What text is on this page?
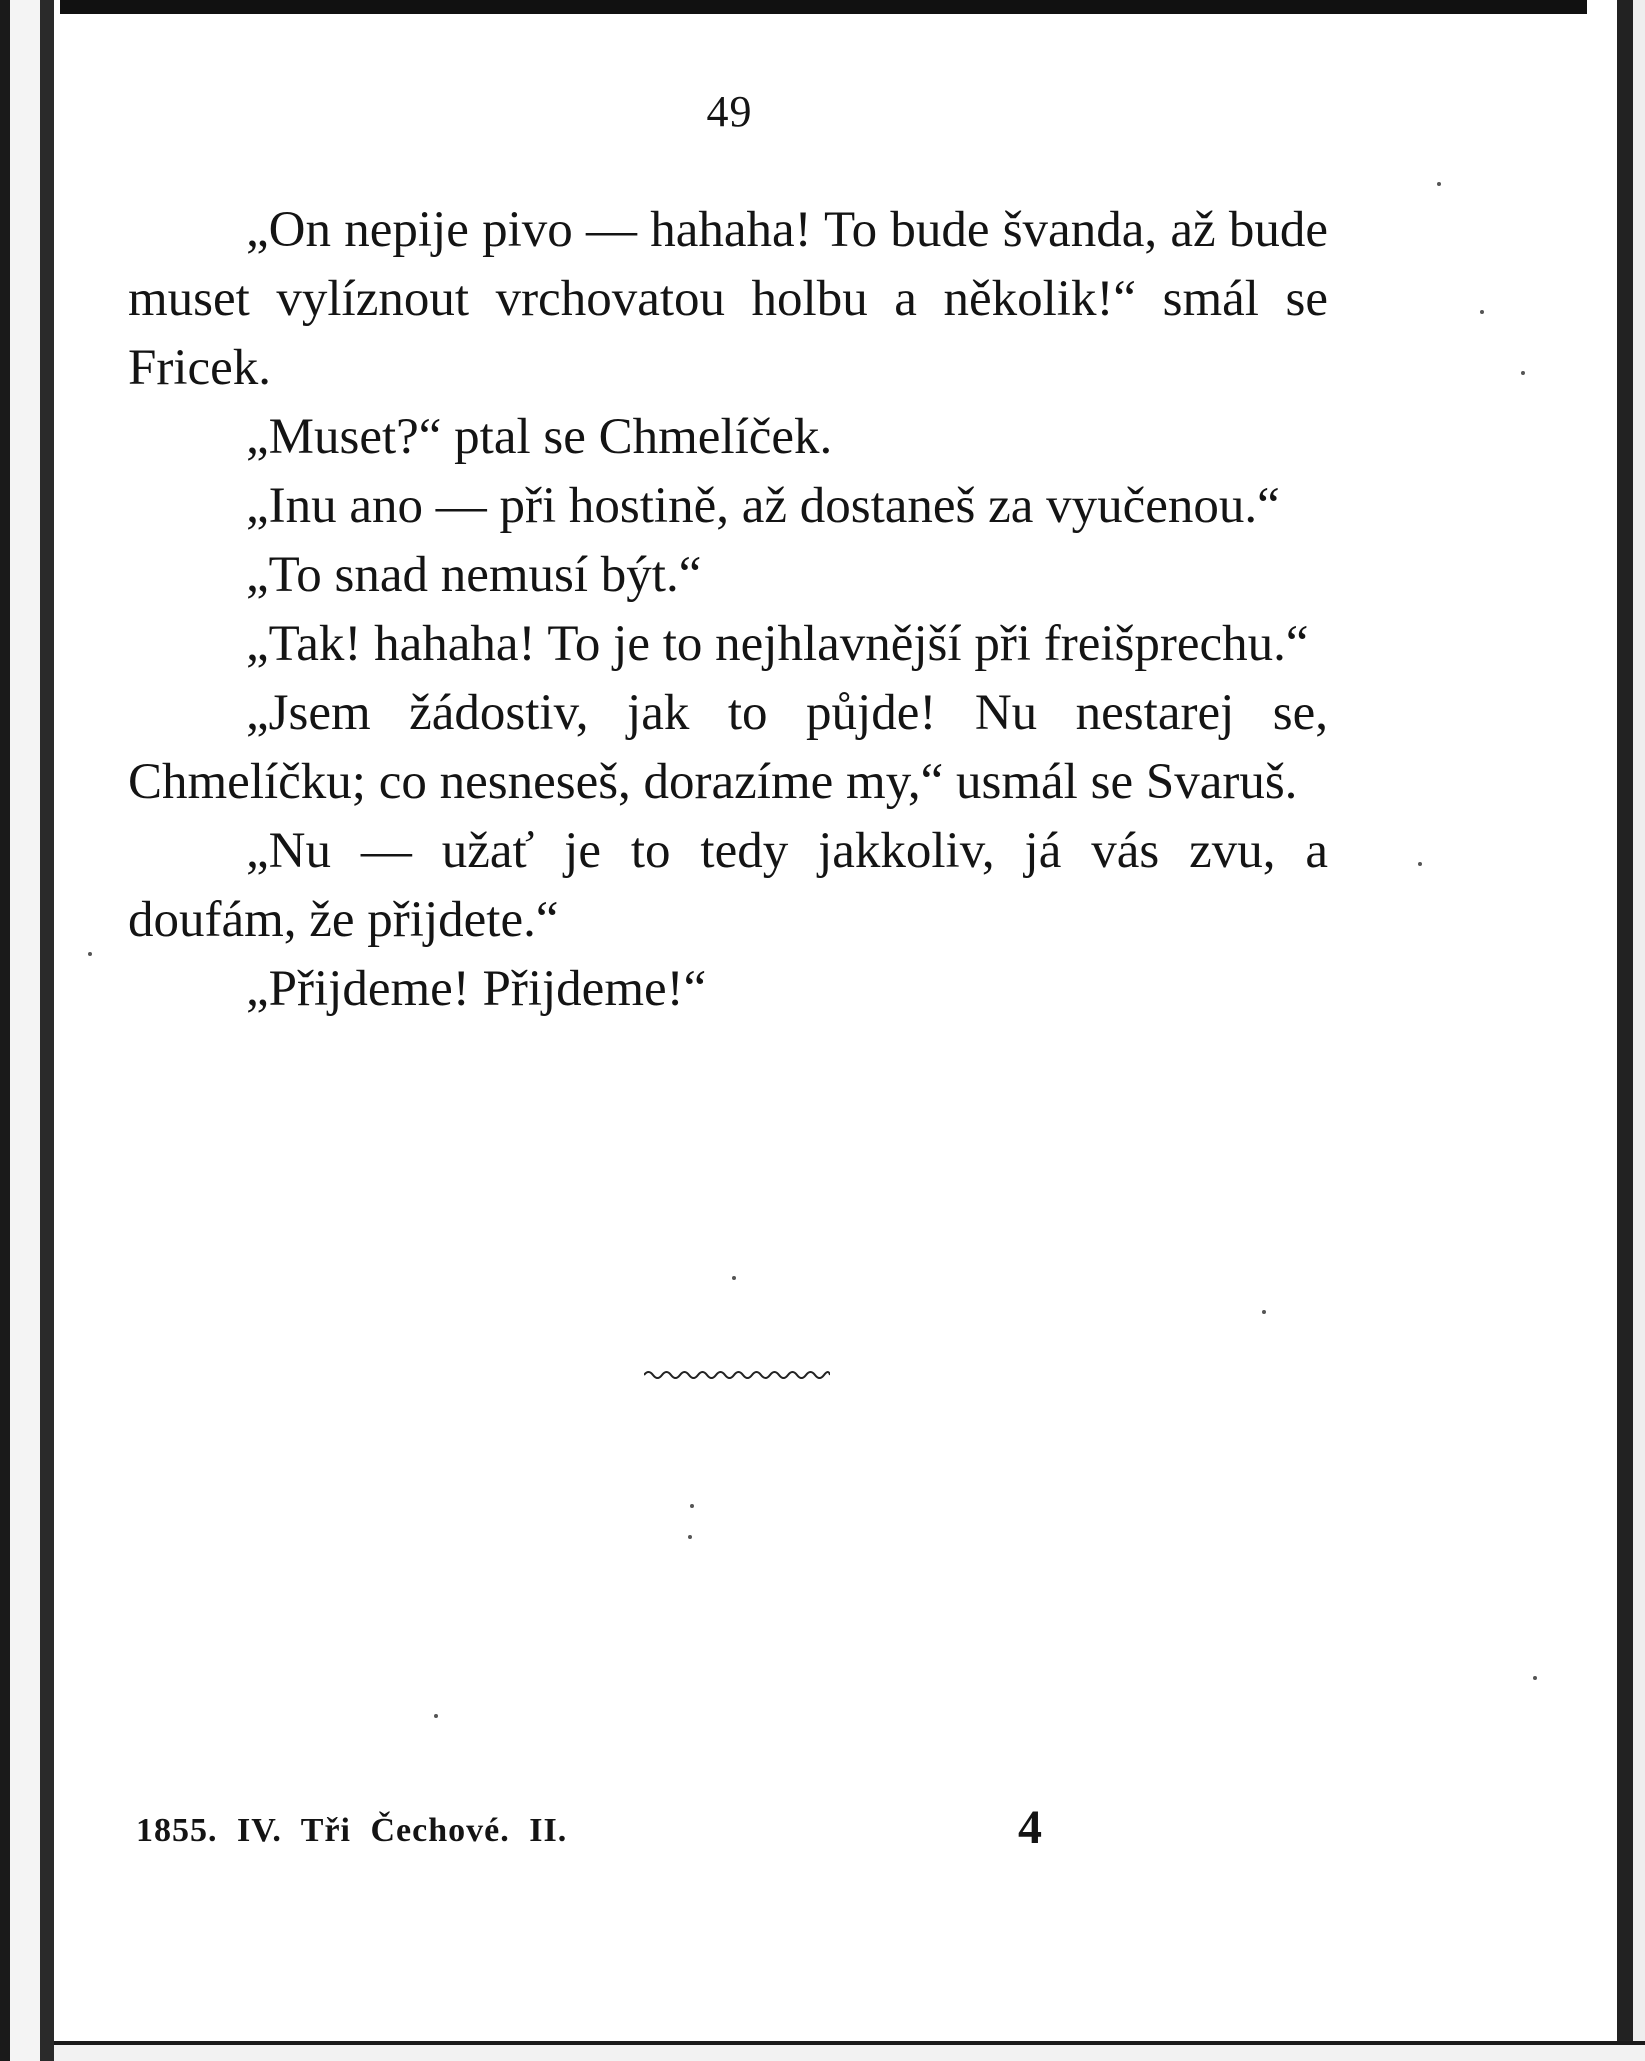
49

„On nepije pivo — hahaha! To bude švanda, až bude muset vylíznout vrchovatou holbu a několik!“ smál se Fricek.

„Muset?“ ptal se Chmelíček.

„Inu ano — při hostině, až dostaneš za vyučenou.“

„To snad nemusí být.“

„Tak! hahaha! To je to nejhlavnější při freišprechu.“

„Jsem žádostiv, jak to půjde! Nu nestarej se, Chmelíčku; co nesneseš, dorazíme my,“ usmál se Svaruš.

„Nu — užať je to tedy jakkoliv, já vás zvu, a doufám, že přijdete.“

„Přijdeme! Přijdeme!“

1855. IV. Tři Čechové. II.	4
